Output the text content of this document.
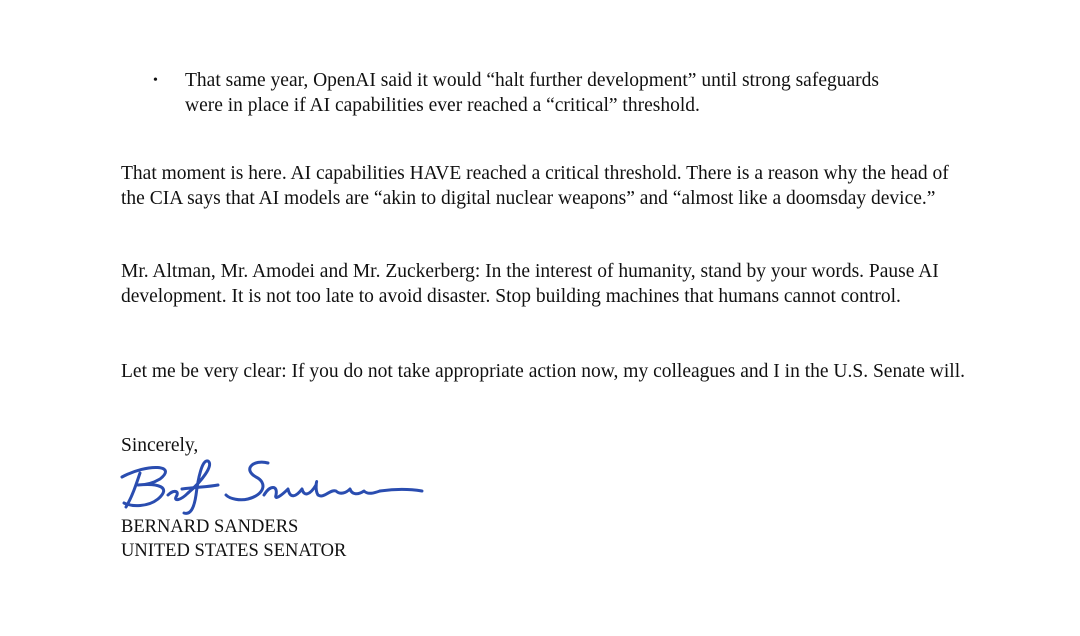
• That same year, OpenAI said it would “halt further development” until strong safeguards
were in place if AI capabilities ever reached a “critical” threshold.

That moment is here. AI capabilities HAVE reached a critical threshold. There is a reason why the head of the CIA says that AI models are “akin to digital nuclear weapons” and “almost like a doomsday device.”

Mr. Altman, Mr. Amodei and Mr. Zuckerberg: In the interest of humanity, stand by your words. Pause AI development. It is not too late to avoid disaster. Stop building machines that humans cannot control.

Let me be very clear: If you do not take appropriate action now, my colleagues and I in the U.S. Senate will.

Sincerely,
BERNARD SANDERS
UNITED STATES SENATOR
